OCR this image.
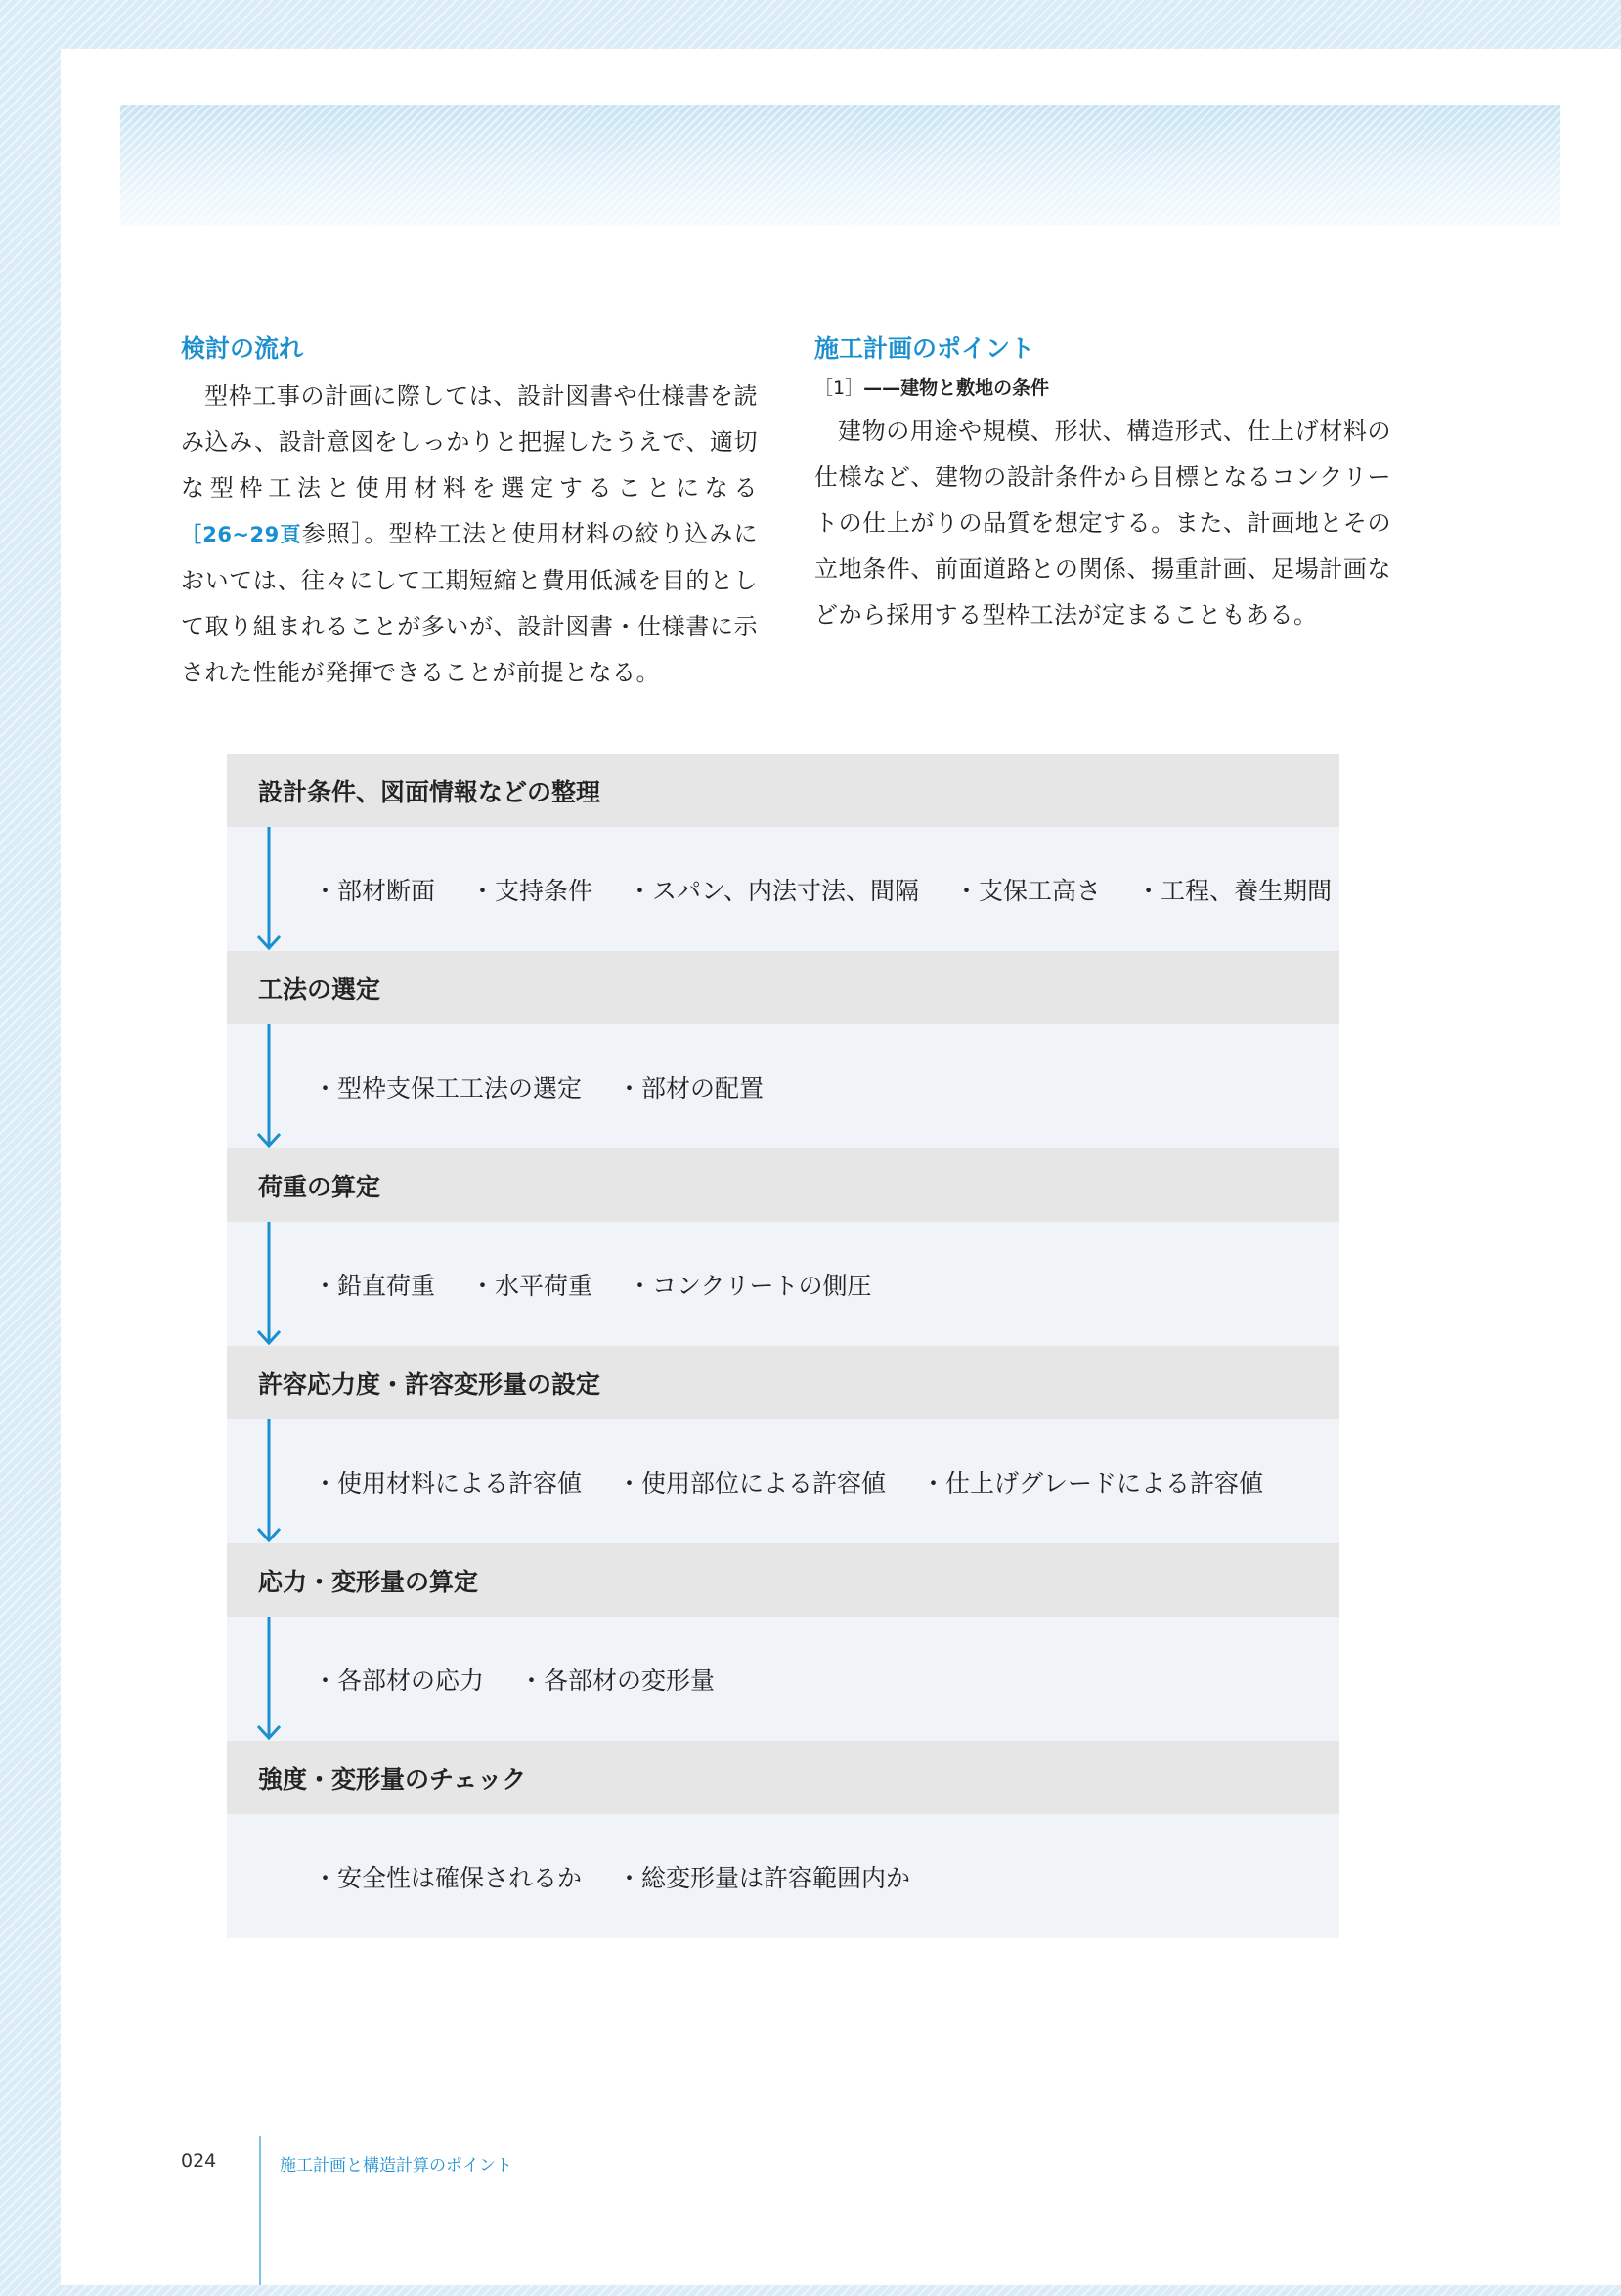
検討の流れ

型枠工事の計画に際しては、設計図書や仕様書を読み込み、設計意図をしっかりと把握したうえで、適切な型枠工法と使用材料を選定することになる［26~29頁参照］。型枠工法と使用材料の絞り込みにおいては、往々にして工期短縮と費用低減を目的として取り組まれることが多いが、設計図書・仕様書に示された性能が発揮できることが前提となる。

施工計画のポイント
［1］——建物と敷地の条件

建物の用途や規模、形状、構造形式、仕上げ材料の仕様など、建物の設計条件から目標となるコンクリートの仕上がりの品質を想定する。また、計画地とその立地条件、前面道路との関係、揚重計画、足場計画などから採用する型枠工法が定まることもある。

設計条件、図面情報などの整理
・部材断面 ・支持条件 ・スパン、内法寸法、間隔 ・支保工高さ ・工程、養生期間
工法の選定
・型枠支保工工法の選定 ・部材の配置
荷重の算定
・鉛直荷重 ・水平荷重 ・コンクリートの側圧
許容応力度・許容変形量の設定
・使用材料による許容値 ・使用部位による許容値 ・仕上げグレードによる許容値
応力・変形量の算定
・各部材の応力 ・各部材の変形量
強度・変形量のチェック
・安全性は確保されるか ・総変形量は許容範囲内か
024	施工計画と構造計算のポイント
